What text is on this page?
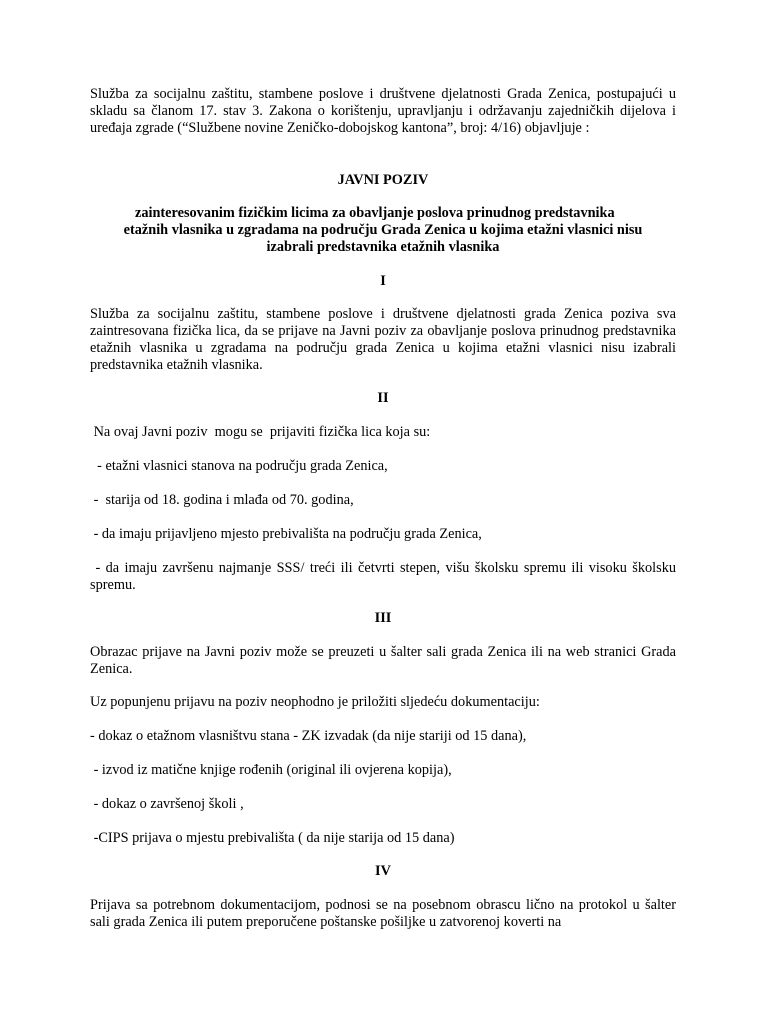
Služba za socijalnu zaštitu, stambene poslove i društvene djelatnosti Grada Zenica, postupajući u skladu sa članom 17. stav 3. Zakona o korištenju, upravljanju i održavanju zajedničkih dijelova i uređaja zgrade (“Službene novine Zeničko-dobojskog kantona”, broj: 4/16) objavljuje :

JAVNI POZIV

zainteresovanim fizičkim licima za obavljanje poslova prinudnog predstavnika
etažnih vlasnika u zgradama na području Grada Zenica u kojima etažni vlasnici nisu
izabrali predstavnika etažnih vlasnika

I

Služba za socijalnu zaštitu, stambene poslove i društvene djelatnosti grada Zenica poziva sva zaintresovana fizička lica, da se prijave na Javni poziv za obavljanje poslova prinudnog predstavnika etažnih vlasnika u zgradama na području grada Zenica u kojima etažni vlasnici nisu izabrali predstavnika etažnih vlasnika.

II

Na ovaj Javni poziv  mogu se  prijaviti fizička lica koja su:

- etažni vlasnici stanova na području grada Zenica,

-  starija od 18. godina i mlađa od 70. godina,

- da imaju prijavljeno mjesto prebivališta na području grada Zenica,

- da imaju završenu najmanje SSS/ treći ili četvrti stepen, višu školsku spremu ili visoku školsku spremu.

III

Obrazac prijave na Javni poziv može se preuzeti u šalter sali grada Zenica ili na web stranici Grada Zenica.

Uz popunjenu prijavu na poziv neophodno je priložiti sljedeću dokumentaciju:

- dokaz o etažnom vlasništvu stana - ZK izvadak (da nije stariji od 15 dana),

- izvod iz matične knjige rođenih (original ili ovjerena kopija),

- dokaz o završenoj školi ,

-CIPS prijava o mjestu prebivališta ( da nije starija od 15 dana)

IV

Prijava sa potrebnom dokumentacijom, podnosi se na posebnom obrascu lično na protokol u šalter sali grada Zenica ili putem preporučene poštanske pošiljke u zatvorenoj koverti na
